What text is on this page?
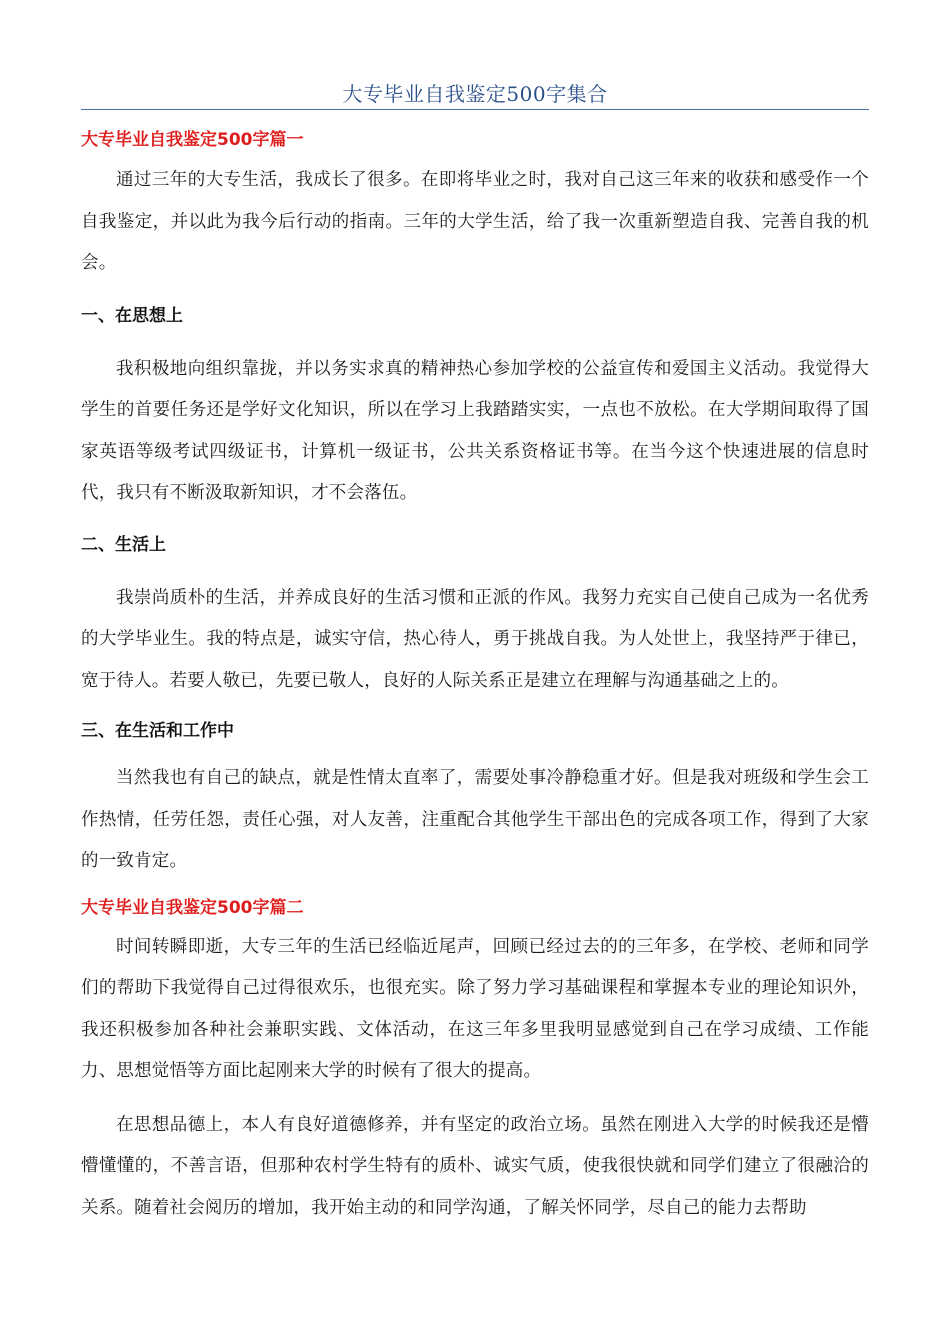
大专毕业自我鉴定500字集合
大专毕业自我鉴定500字篇一

通过三年的大专生活，我成长了很多。在即将毕业之时，我对自己这三年来的收获和感受作一个自我鉴定，并以此为我今后行动的指南。三年的大学生活，给了我一次重新塑造自我、完善自我的机会。

一、在思想上

我积极地向组织靠拢，并以务实求真的精神热心参加学校的公益宣传和爱国主义活动。我觉得大学生的首要任务还是学好文化知识，所以在学习上我踏踏实实，一点也不放松。在大学期间取得了国家英语等级考试四级证书，计算机一级证书，公共关系资格证书等。在当今这个快速进展的信息时代，我只有不断汲取新知识，才不会落伍。

二、生活上

我崇尚质朴的生活，并养成良好的生活习惯和正派的作风。我努力充实自己使自己成为一名优秀的大学毕业生。我的特点是，诚实守信，热心待人，勇于挑战自我。为人处世上，我坚持严于律已，宽于待人。若要人敬已，先要已敬人，良好的人际关系正是建立在理解与沟通基础之上的。

三、在生活和工作中

当然我也有自己的缺点，就是性情太直率了，需要处事冷静稳重才好。但是我对班级和学生会工作热情，任劳任怨，责任心强，对人友善，注重配合其他学生干部出色的完成各项工作，得到了大家的一致肯定。

大专毕业自我鉴定500字篇二

时间转瞬即逝，大专三年的生活已经临近尾声，回顾已经过去的的三年多，在学校、老师和同学们的帮助下我觉得自己过得很欢乐，也很充实。除了努力学习基础课程和掌握本专业的理论知识外，我还积极参加各种社会兼职实践、文体活动，在这三年多里我明显感觉到自己在学习成绩、工作能力、思想觉悟等方面比起刚来大学的时候有了很大的提高。

在思想品德上，本人有良好道德修养，并有坚定的政治立场。虽然在刚进入大学的时候我还是懵懵懂懂的，不善言语，但那种农村学生特有的质朴、诚实气质，使我很快就和同学们建立了很融洽的关系。随着社会阅历的增加，我开始主动的和同学沟通，了解关怀同学，尽自己的能力去帮助
